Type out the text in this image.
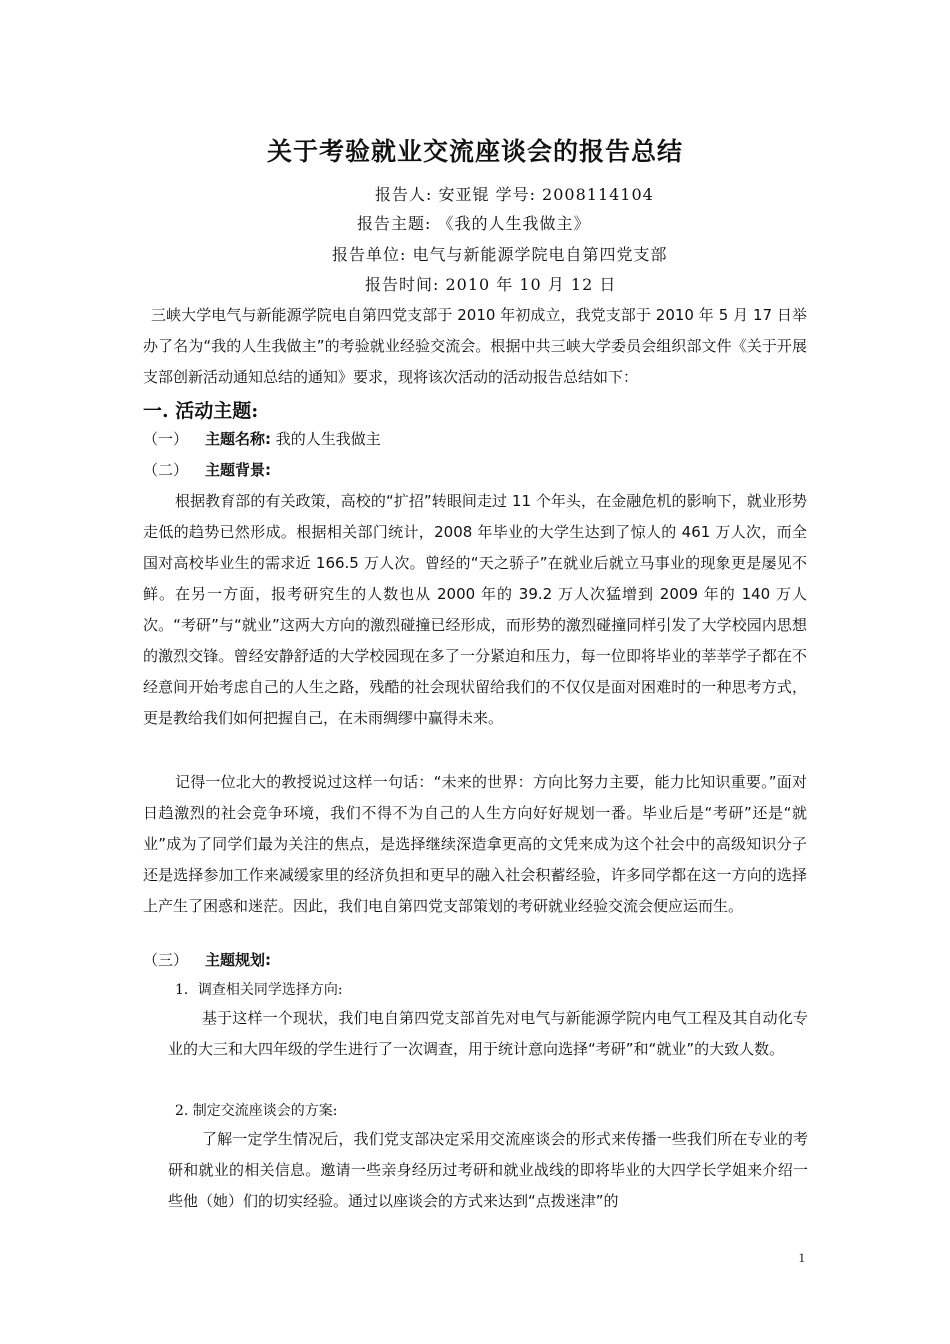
关于考验就业交流座谈会的报告总结
报告人: 安亚锟 学号: 2008114104
报告主题: 《我的人生我做主》
报告单位: 电气与新能源学院电自第四党支部
报告时间: 2010 年 10 月 12 日
三峡大学电气与新能源学院电自第四党支部于 2010 年初成立，我党支部于 2010 年 5 月 17 日举办了名为“我的人生我做主”的考验就业经验交流会。根据中共三峡大学委员会组织部文件《关于开展支部创新活动通知总结的通知》要求，现将该次活动的活动报告总结如下：
一. 活动主题:
（一） 主题名称: 我的人生我做主
（二） 主题背景:
根据教育部的有关政策，高校的“扩招”转眼间走过 11 个年头，在金融危机的影响下，就业形势走低的趋势已然形成。根据相关部门统计，2008 年毕业的大学生达到了惊人的 461 万人次，而全国对高校毕业生的需求近 166.5 万人次。曾经的“天之骄子”在就业后就立马事业的现象更是屡见不鲜。在另一方面，报考研究生的人数也从 2000 年的 39.2 万人次猛增到 2009 年的 140 万人次。“考研”与“就业”这两大方向的激烈碰撞已经形成，而形势的激烈碰撞同样引发了大学校园内思想的激烈交锋。曾经安静舒适的大学校园现在多了一分紧迫和压力，每一位即将毕业的莘莘学子都在不经意间开始考虑自己的人生之路，残酷的社会现状留给我们的不仅仅是面对困难时的一种思考方式，更是教给我们如何把握自己，在未雨绸缪中赢得未来。
记得一位北大的教授说过这样一句话：“未来的世界：方向比努力主要，能力比知识重要。”面对日趋激烈的社会竞争环境，我们不得不为自己的人生方向好好规划一番。毕业后是“考研”还是“就业”成为了同学们最为关注的焦点，是选择继续深造拿更高的文凭来成为这个社会中的高级知识分子还是选择参加工作来减缓家里的经济负担和更早的融入社会积蓄经验，许多同学都在这一方向的选择上产生了困惑和迷茫。因此，我们电自第四党支部策划的考研就业经验交流会便应运而生。
（三） 主题规划:
1．调查相关同学选择方向:
基于这样一个现状，我们电自第四党支部首先对电气与新能源学院内电气工程及其自动化专业的大三和大四年级的学生进行了一次调查，用于统计意向选择“考研”和“就业”的大致人数。
2. 制定交流座谈会的方案:
了解一定学生情况后，我们党支部决定采用交流座谈会的形式来传播一些我们所在专业的考研和就业的相关信息。邀请一些亲身经历过考研和就业战线的即将毕业的大四学长学姐来介绍一些他（她）们的切实经验。通过以座谈会的方式来达到“点拨迷津”的
1
